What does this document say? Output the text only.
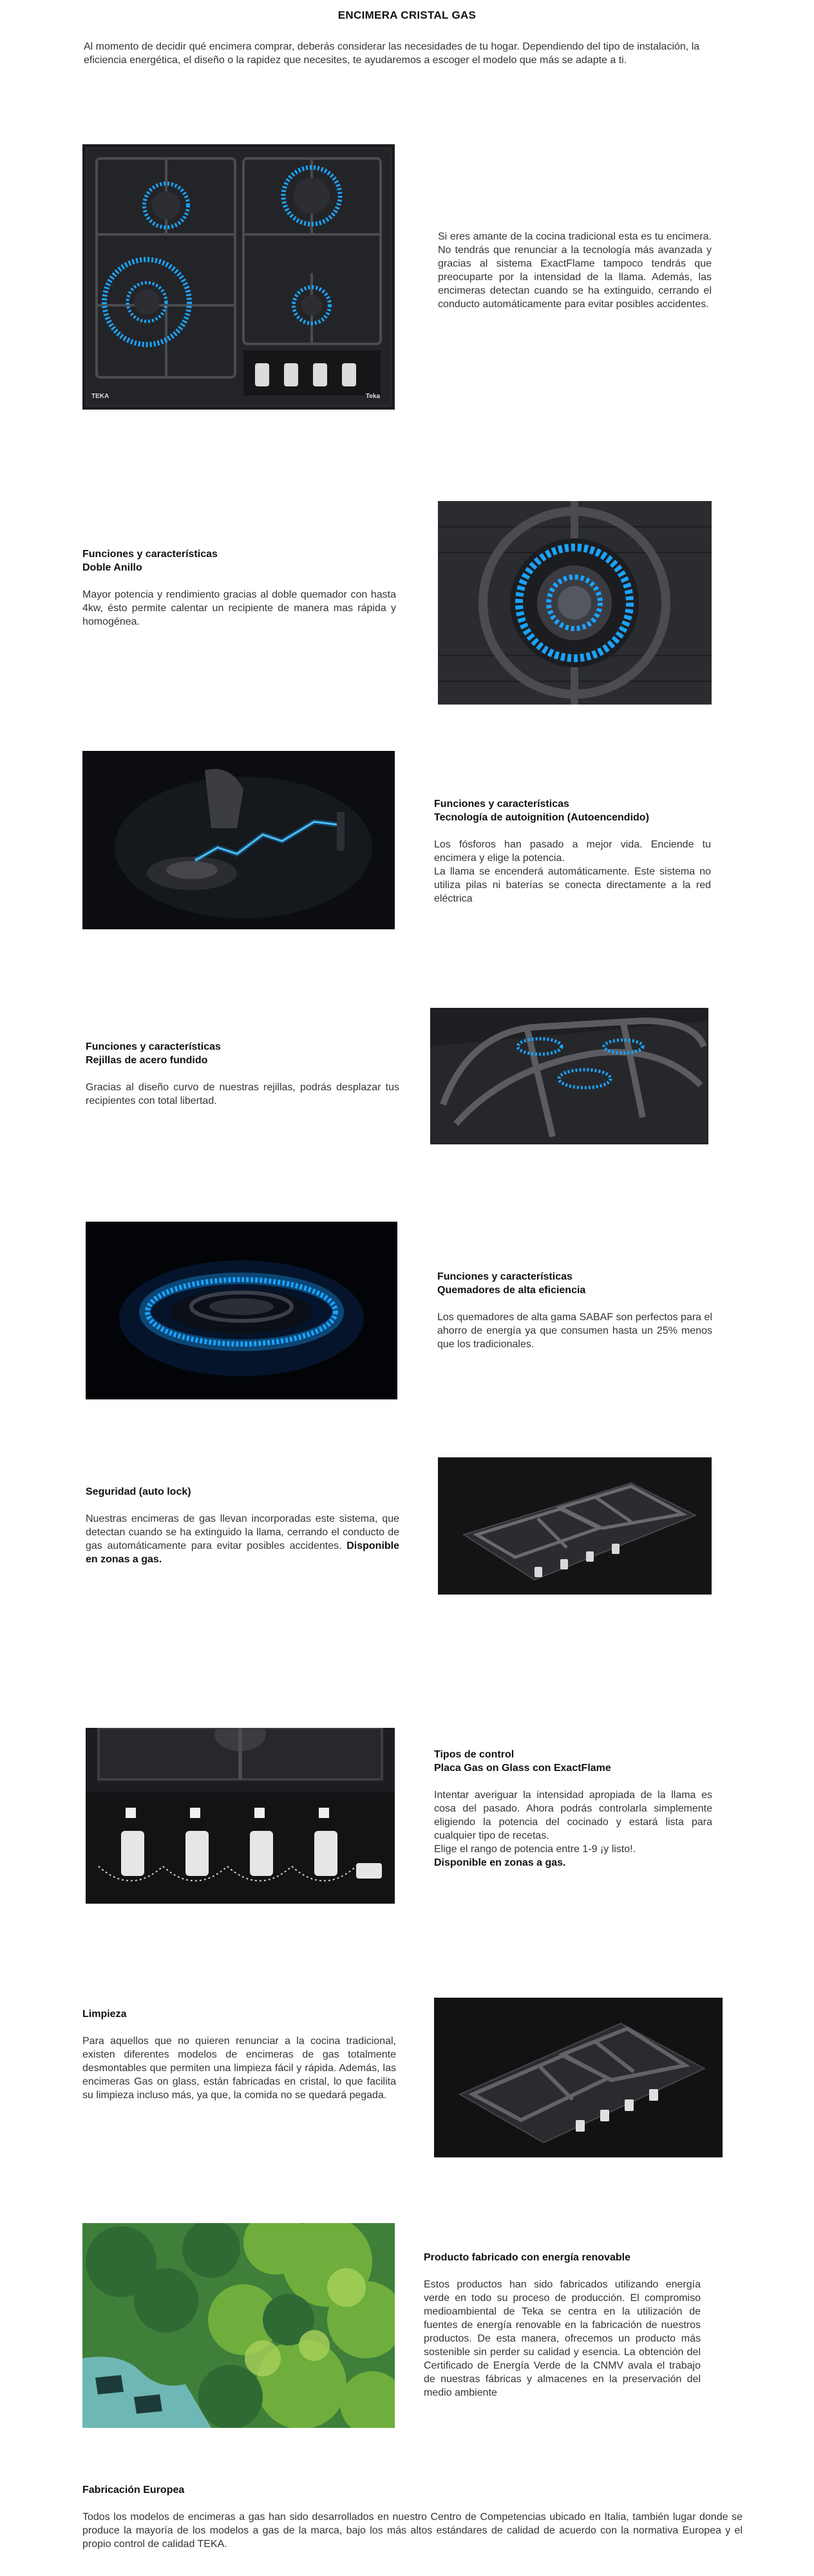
ENCIMERA CRISTAL GAS
Al momento de decidir qué encimera comprar, deberás considerar las necesidades de tu hogar. Dependiendo del tipo de instalación, la eficiencia energética, el diseño o la rapidez que necesites, te ayudaremos a escoger el modelo que más se adapte a ti.
TEKA	Teka
Si eres amante de la cocina tradicional esta es tu encimera. No tendrás que renunciar a la tecnología más avanzada y gracias al sistema ExactFlame tampoco tendrás que preocuparte por la intensidad de la llama. Además, las encimeras detectan cuando se ha extinguido, cerrando el conducto automáticamente para evitar posibles accidentes.
Funciones y características
Doble Anillo
Mayor potencia y rendimiento gracias al doble quemador con hasta 4kw, ésto permite calentar un recipiente de manera mas rápida y homogénea.
Funciones y características
Tecnología de autoignition (Autoencendido)
Los fósforos han pasado a mejor vida. Enciende tu encimera y elige la potencia.
La llama se encenderá automáticamente. Este sistema no utiliza pilas ni baterías se conecta directamente a la red eléctrica
Funciones y características
Rejillas de acero fundido
Gracias al diseño curvo de nuestras rejillas, podrás desplazar tus recipientes con total libertad.
Funciones y características
Quemadores de alta eficiencia
Los quemadores de alta gama SABAF son perfectos para el ahorro de energía ya que consumen hasta un 25% menos que los tradicionales.
Seguridad (auto lock)
Nuestras encimeras de gas llevan incorporadas este sistema, que detectan cuando se ha extinguido la llama, cerrando el conducto de gas automáticamente para evitar posibles accidentes. Disponible en zonas a gas.
Tipos de control
Placa Gas on Glass con ExactFlame
Intentar averiguar la intensidad apropiada de la llama es cosa del pasado. Ahora podrás controlarla simplemente eligiendo la potencia del cocinado y estará lista para cualquier tipo de recetas.
Elige el rango de potencia entre 1-9 ¡y listo!.
Disponible en zonas a gas.
Limpieza
Para aquellos que no quieren renunciar a la cocina tradicional, existen diferentes modelos de encimeras de gas totalmente desmontables que permiten una limpieza fácil y rápida. Además, las encimeras Gas on glass, están fabricadas en cristal, lo que facilita su limpieza incluso más, ya que, la comida no se quedará pegada.
Producto fabricado con energía renovable
Estos productos han sido fabricados utilizando energía verde en todo su proceso de producción. El compromiso medioambiental de Teka se centra en la utilización de fuentes de energía renovable en la fabricación de nuestros productos. De esta manera, ofrecemos un producto más sostenible sin perder su calidad y esencia. La obtención del Certificado de Energía Verde de la CNMV avala el trabajo de nuestras fábricas y almacenes en la preservación del medio ambiente
Fabricación Europea
Todos los modelos de encimeras a gas han sido desarrollados en nuestro Centro de Competencias ubicado en Italia, también lugar donde se produce la mayoría de los modelos a gas de la marca, bajo los más altos estándares de calidad de acuerdo con la normativa Europea y el propio control de calidad TEKA.
